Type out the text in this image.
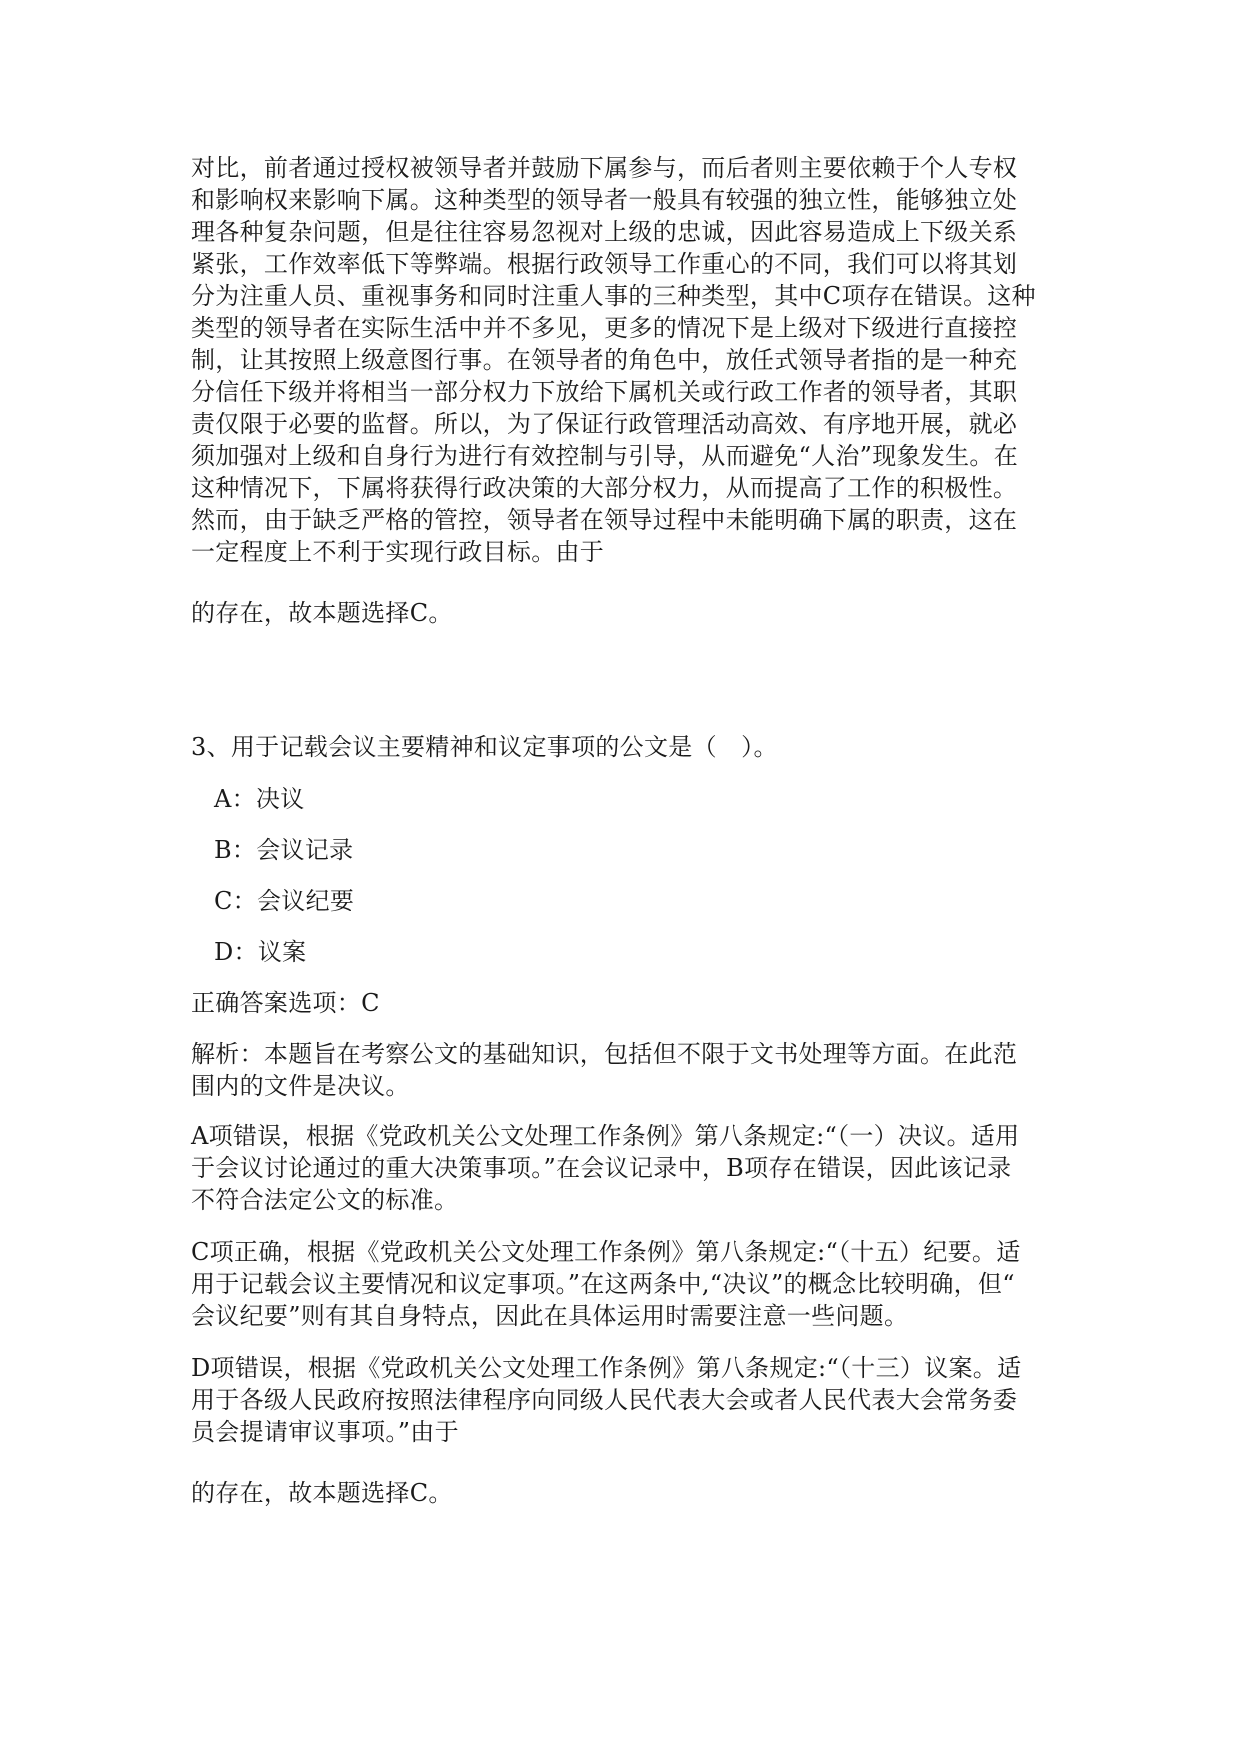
对比，前者通过授权被领导者并鼓励下属参与，而后者则主要依赖于个人专权
和影响权来影响下属。这种类型的领导者一般具有较强的独立性，能够独立处
理各种复杂问题，但是往往容易忽视对上级的忠诚，因此容易造成上下级关系
紧张，工作效率低下等弊端。根据行政领导工作重心的不同，我们可以将其划
分为注重人员、重视事务和同时注重人事的三种类型，其中C项存在错误。这种
类型的领导者在实际生活中并不多见，更多的情况下是上级对下级进行直接控
制，让其按照上级意图行事。在领导者的角色中，放任式领导者指的是一种充
分信任下级并将相当一部分权力下放给下属机关或行政工作者的领导者，其职
责仅限于必要的监督。所以，为了保证行政管理活动高效、有序地开展，就必
须加强对上级和自身行为进行有效控制与引导，从而避免“人治”现象发生。在
这种情况下，下属将获得行政决策的大部分权力，从而提高了工作的积极性。
然而，由于缺乏严格的管控，领导者在领导过程中未能明确下属的职责，这在
一定程度上不利于实现行政目标。由于
的存在，故本题选择C。
3、用于记载会议主要精神和议定事项的公文是（　）。
A：决议
B：会议记录
C：会议纪要
D：议案
正确答案选项：C
解析：本题旨在考察公文的基础知识，包括但不限于文书处理等方面。在此范
围内的文件是决议。
A项错误，根据《党政机关公文处理工作条例》第八条规定:“（一）决议。适用
于会议讨论通过的重大决策事项。”在会议记录中，B项存在错误，因此该记录
不符合法定公文的标准。
C项正确，根据《党政机关公文处理工作条例》第八条规定:“（十五）纪要。适
用于记载会议主要情况和议定事项。”在这两条中,“决议”的概念比较明确，但“
会议纪要”则有其自身特点，因此在具体运用时需要注意一些问题。
D项错误，根据《党政机关公文处理工作条例》第八条规定:“（十三）议案。适
用于各级人民政府按照法律程序向同级人民代表大会或者人民代表大会常务委
员会提请审议事项。”由于
的存在，故本题选择C。
